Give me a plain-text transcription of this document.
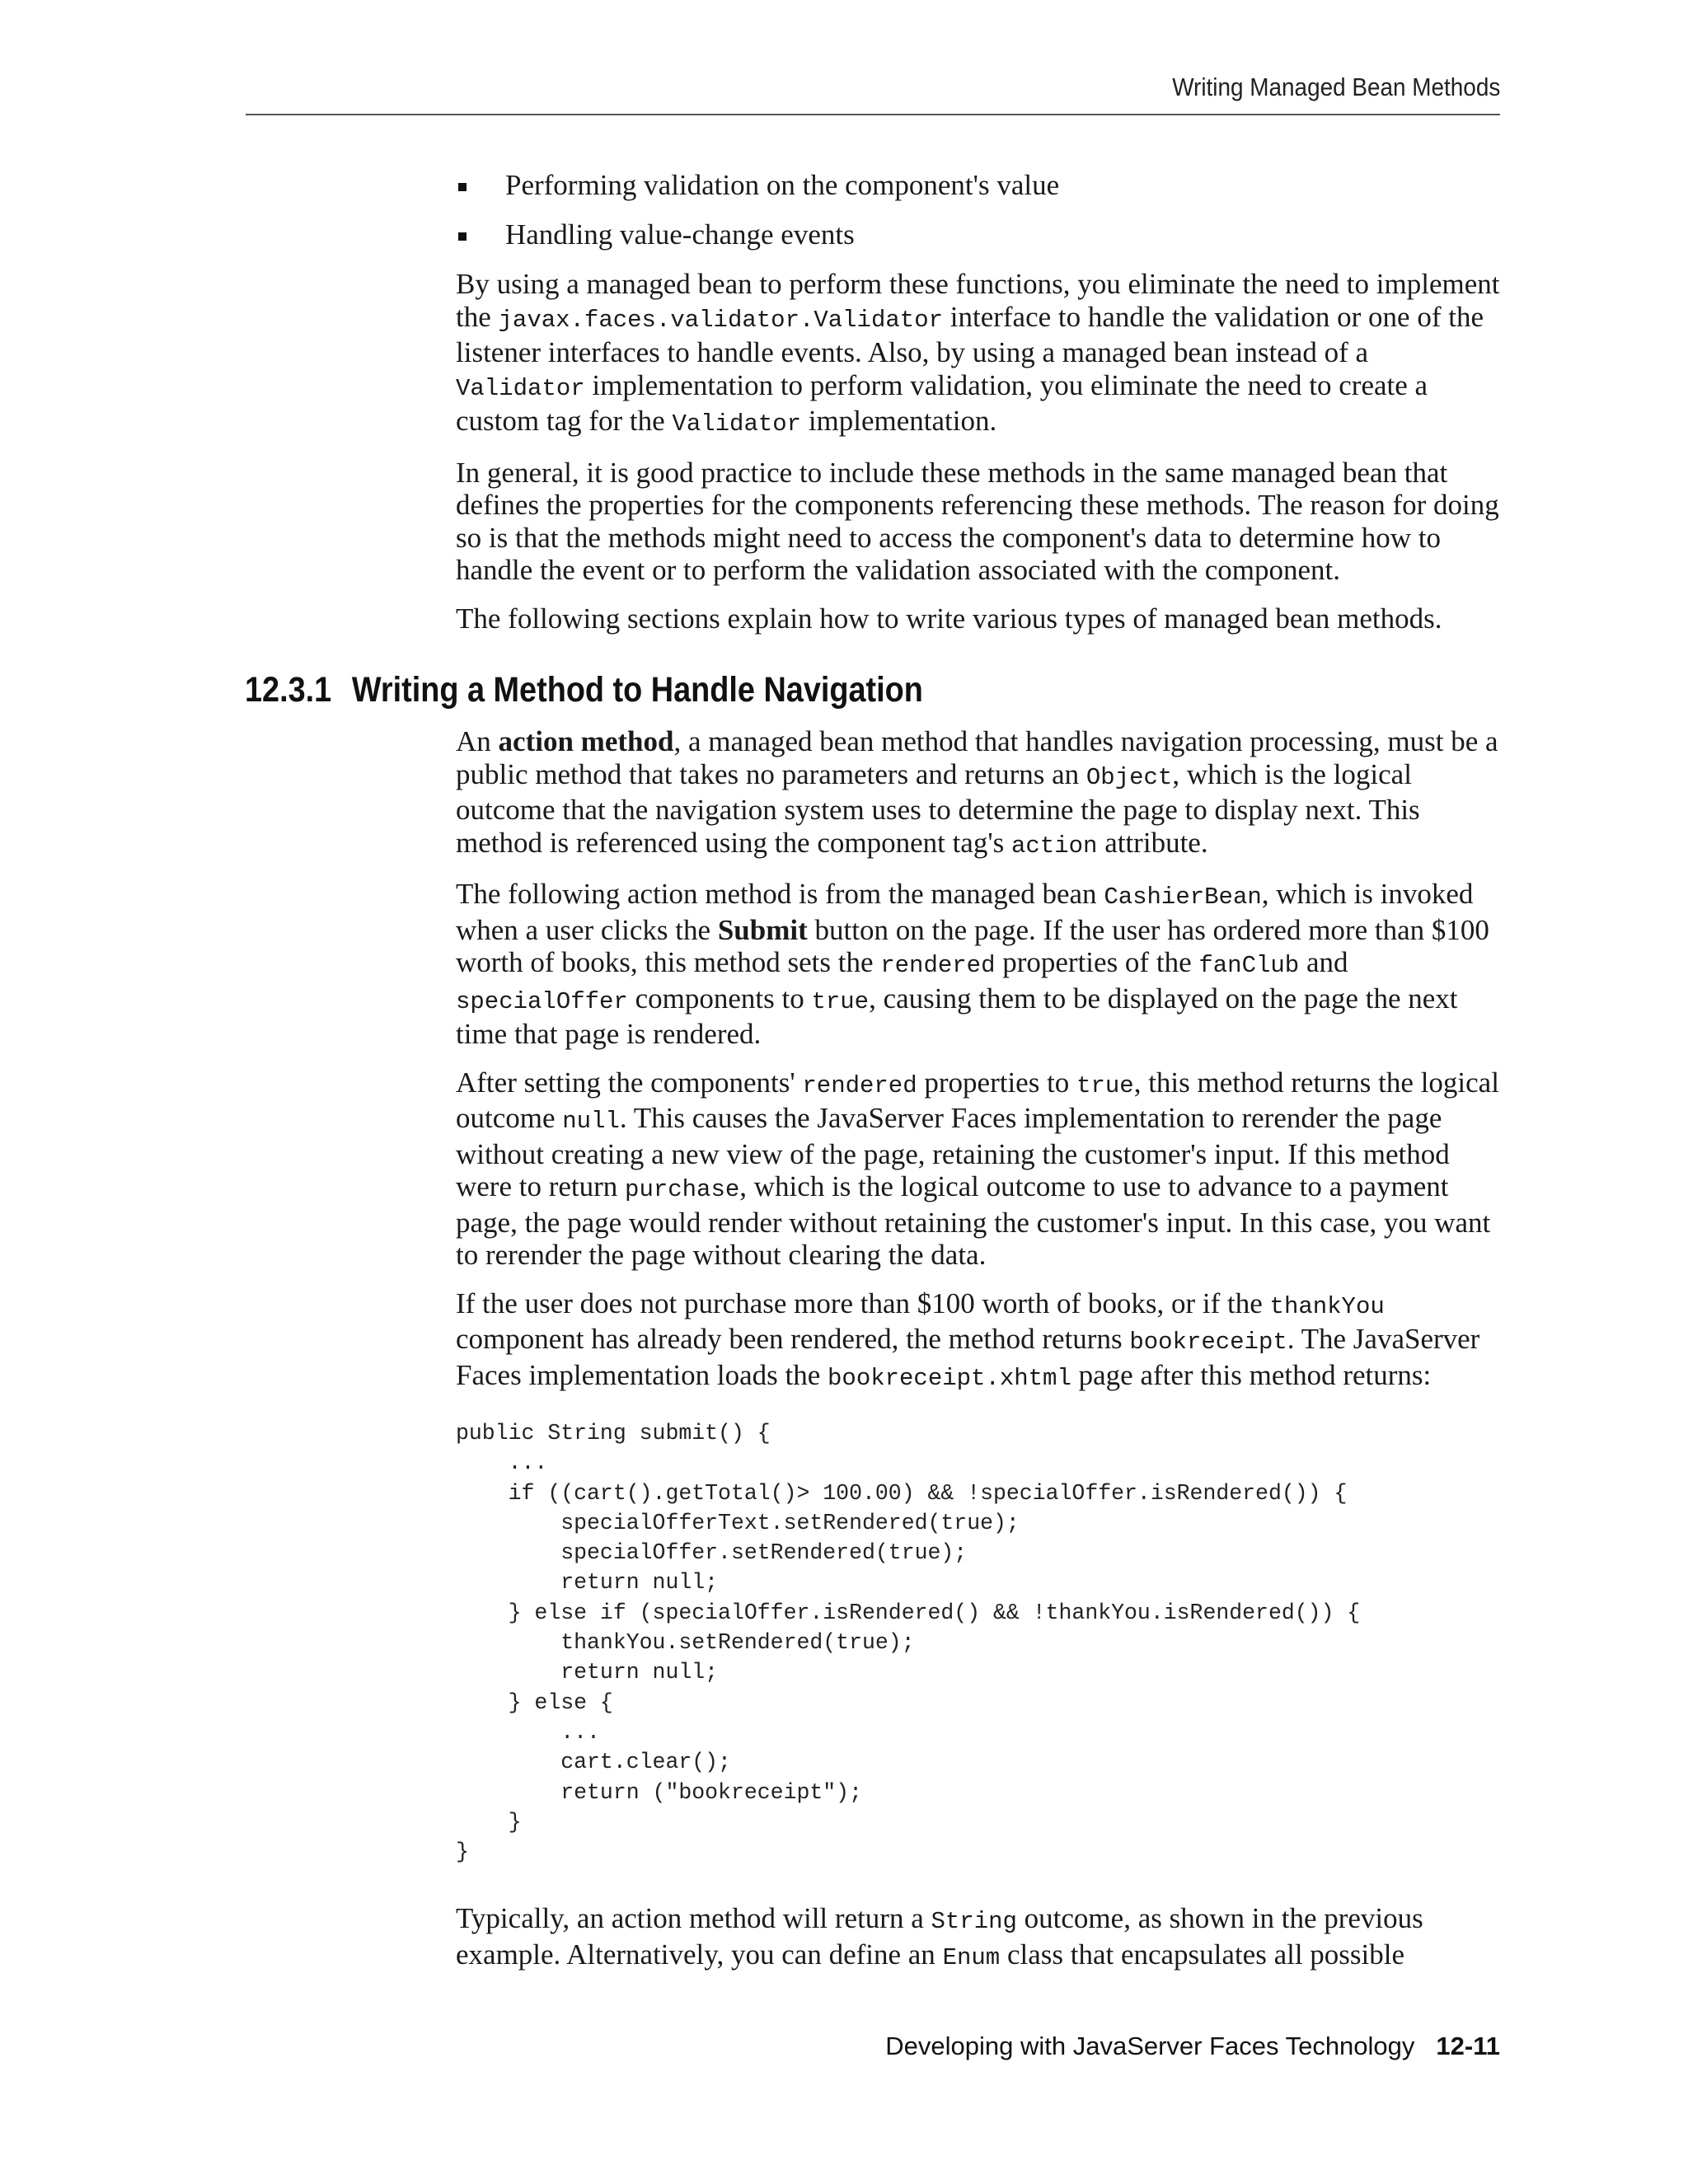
Writing Managed Bean Methods
Performing validation on the component's value
Handling value-change events

By using a managed bean to perform these functions, you eliminate the need to implement the javax.faces.validator.Validator interface to handle the validation or one of the listener interfaces to handle events. Also, by using a managed bean instead of a Validator implementation to perform validation, you eliminate the need to create a custom tag for the Validator implementation.

In general, it is good practice to include these methods in the same managed bean that defines the properties for the components referencing these methods. The reason for doing so is that the methods might need to access the component's data to determine how to handle the event or to perform the validation associated with the component.

The following sections explain how to write various types of managed bean methods.

12.3.1 Writing a Method to Handle Navigation

An action method, a managed bean method that handles navigation processing, must be a public method that takes no parameters and returns an Object, which is the logical outcome that the navigation system uses to determine the page to display next. This method is referenced using the component tag's action attribute.

The following action method is from the managed bean CashierBean, which is invoked when a user clicks the Submit button on the page. If the user has ordered more than $100 worth of books, this method sets the rendered properties of the fanClub and specialOffer components to true, causing them to be displayed on the page the next time that page is rendered.

After setting the components' rendered properties to true, this method returns the logical outcome null. This causes the JavaServer Faces implementation to rerender the page without creating a new view of the page, retaining the customer's input. If this method were to return purchase, which is the logical outcome to use to advance to a payment page, the page would render without retaining the customer's input. In this case, you want to rerender the page without clearing the data.

If the user does not purchase more than $100 worth of books, or if the thankYou component has already been rendered, the method returns bookreceipt. The JavaServer Faces implementation loads the bookreceipt.xhtml page after this method returns:

public String submit() {
...
if ((cart().getTotal()> 100.00) && !specialOffer.isRendered()) {
specialOfferText.setRendered(true);
specialOffer.setRendered(true);
return null;
} else if (specialOffer.isRendered() && !thankYou.isRendered()) {
thankYou.setRendered(true);
return null;
} else {
...
cart.clear();
return ("bookreceipt");
}
}

Typically, an action method will return a String outcome, as shown in the previous example. Alternatively, you can define an Enum class that encapsulates all possible

Developing with JavaServer Faces Technology 12-11
